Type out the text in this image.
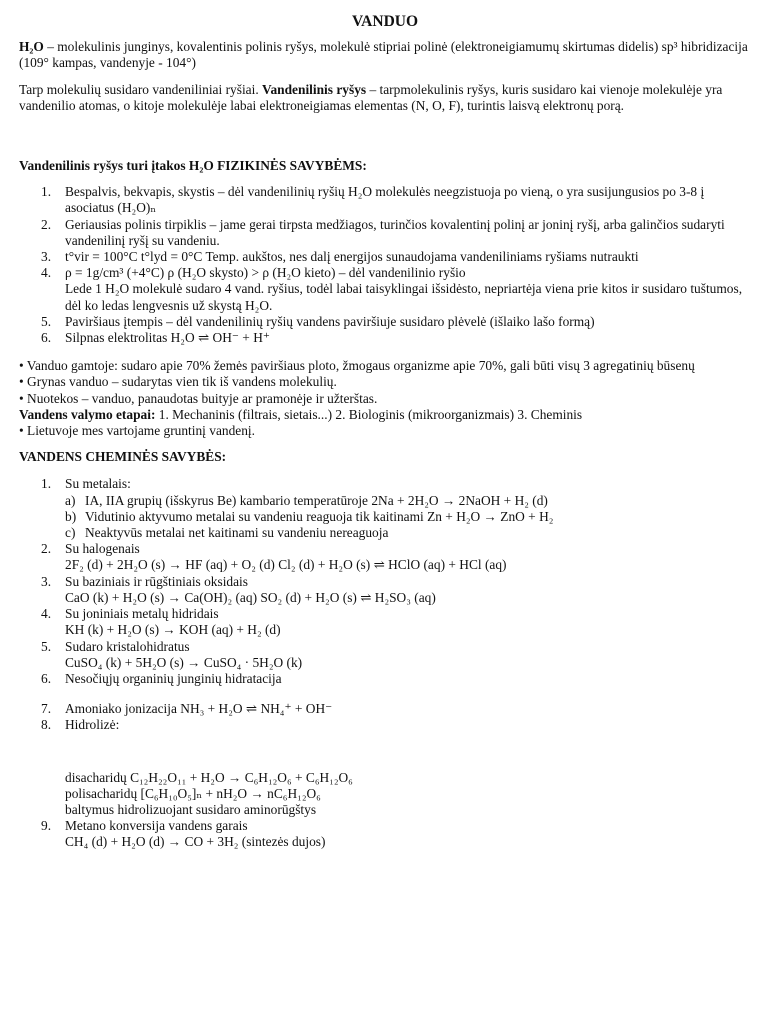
VANDUO

H₂O – molekulinis junginys, kovalentinis polinis ryšys, molekulė stipriai polinė (elektroneigiamumų skirtumas didelis) sp³ hibridizacija (109° kampas, vandenyje - 104°)

Tarp molekulių susidaro vandeniliniai ryšiai. Vandenilinis ryšys – tarpmolekulinis ryšys, kuris susidaro kai vienoje molekulėje yra vandenilio atomas, o kitoje molekulėje labai elektroneigiamas elementas (N, O, F), turintis laisvą elektronų porą.

Vandenilinis ryšys turi įtakos H₂O FIZIKINĖS SAVYBĖMS:

1. Bespalvis, bekvapis, skystis – dėl vandenilinių ryšių H₂O molekulės neegzistuoja po vieną, o yra susijungusios po 3-8 į asociatus (H₂O)ₙ
2. Geriausias polinis tirpiklis – jame gerai tirpsta medžiagos, turinčios kovalentinį polinį ar joninį ryšį, arba galinčios sudaryti vandenilinį ryšį su vandeniu.
3. t°vir = 100°C t°lyd = 0°C Temp. aukštos, nes dalį energijos sunaudojama vandeniliniams ryšiams nutraukti
4. ρ = 1g/cm³ (+4°C) ρ (H₂O skysto) > ρ (H₂O kieto) – dėl vandenilinio ryšio
Lede 1 H₂O molekulė sudaro 4 vand. ryšius, todėl labai taisyklingai išsidėsto, nepriartėja viena prie kitos ir susidaro tuštumos, dėl ko ledas lengvesnis už skystą H₂O.
5. Paviršiaus įtempis – dėl vandenilinių ryšių vandens paviršiuje susidaro plėvelė (išlaiko lašo formą)
6. Silpnas elektrolitas H₂O ⇌ OH⁻ + H⁺

• Vanduo gamtoje: sudaro apie 70% žemės paviršiaus ploto, žmogaus organizme apie 70%, gali būti visų 3 agregatinių būsenų

• Grynas vanduo – sudarytas vien tik iš vandens molekulių.

• Nuotekos – vanduo, panaudotas buityje ar pramonėje ir užterštas.

Vandens valymo etapai: 1. Mechaninis (filtrais, sietais...) 2. Biologinis (mikroorganizmais) 3. Cheminis

• Lietuvoje mes vartojame gruntinį vandenį.

VANDENS CHEMINĖS SAVYBĖS:

1. Su metalais:
a) IA, IIA grupių (išskyrus Be) kambario temperatūroje 2Na + 2H₂O → 2NaOH + H₂ (d)
b) Vidutinio aktyvumo metalai su vandeniu reaguoja tik kaitinami Zn + H₂O → ZnO + H₂
c) Neaktyvūs metalai net kaitinami su vandeniu nereaguoja
2. Su halogenais
2F₂ (d) + 2H₂O (s) → HF (aq) + O₂ (d) Cl₂ (d) + H₂O (s) ⇌ HClO (aq) + HCl (aq)
3. Su baziniais ir rūgštiniais oksidais
CaO (k) + H₂O (s) → Ca(OH)₂ (aq) SO₂ (d) + H₂O (s) ⇌ H₂SO₃ (aq)
4. Su joniniais metalų hidridais
KH (k) + H₂O (s) → KOH (aq) + H₂ (d)
5. Sudaro kristalohidratus
CuSO₄ (k) + 5H₂O (s) → CuSO₄ · 5H₂O (k)
6. Nesočiųjų organinių junginių hidratacija
7. Amoniako jonizacija NH₃ + H₂O ⇌ NH₄⁺ + OH⁻
8. Hidrolizė:
disacharidų C₁₂H₂₂O₁₁ + H₂O → C₆H₁₂O₆ + C₆H₁₂O₆
polisacharidų [C₆H₁₀O₅]ₙ + nH₂O → nC₆H₁₂O₆
baltymus hidrolizuojant susidaro aminorūgštys
9. Metano konversija vandens garais
CH₄ (d) + H₂O (d) → CO + 3H₂ (sintezės dujos)
